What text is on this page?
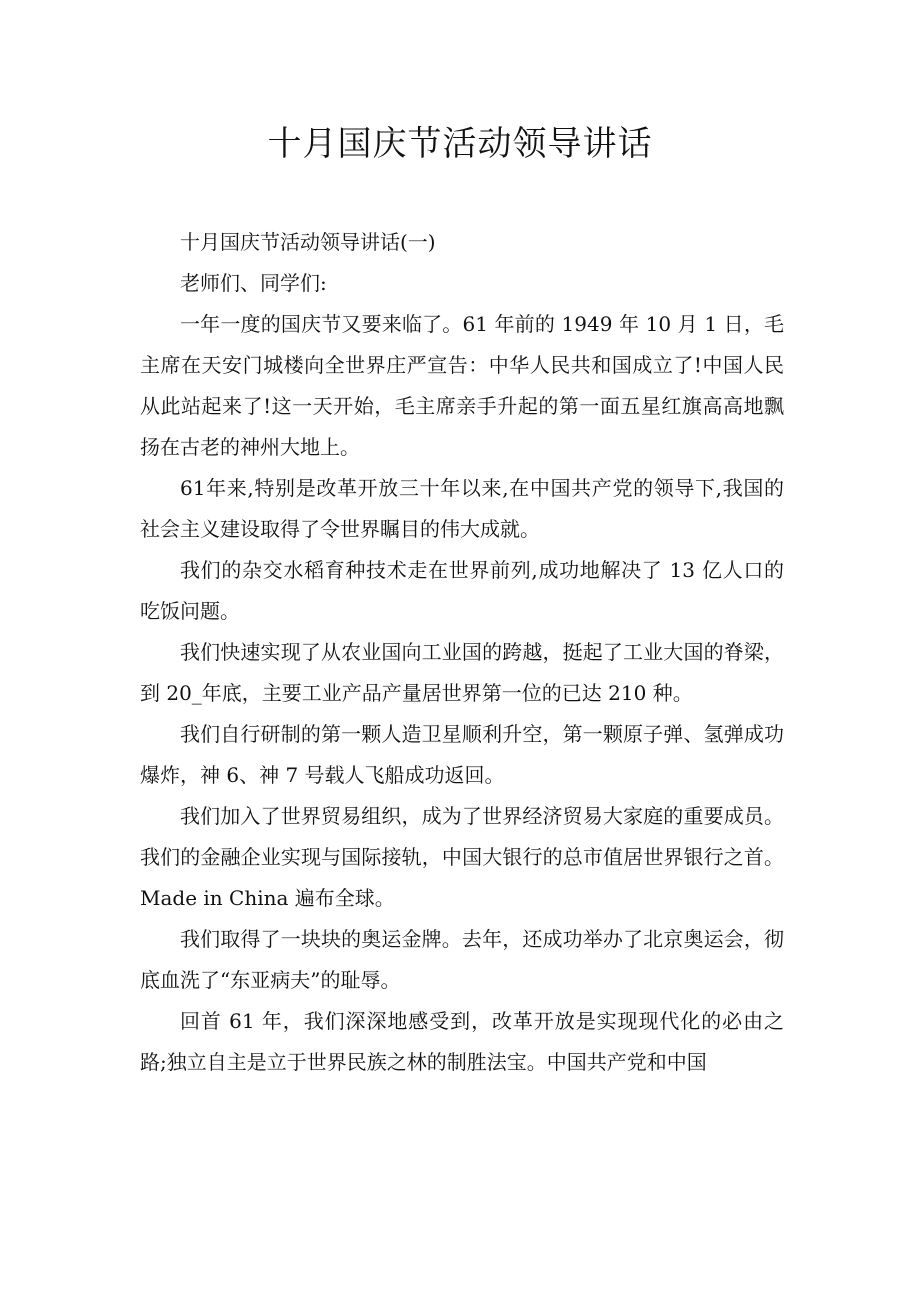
十月国庆节活动领导讲话

十月国庆节活动领导讲话(一)

老师们、同学们:

一年一度的国庆节又要来临了。61 年前的 1949 年 10 月 1 日，毛主席在天安门城楼向全世界庄严宣告：中华人民共和国成立了!中国人民从此站起来了!这一天开始，毛主席亲手升起的第一面五星红旗高高地飘扬在古老的神州大地上。

61年来,特别是改革开放三十年以来,在中国共产党的领导下,我国的社会主义建设取得了令世界瞩目的伟大成就。

我们的杂交水稻育种技术走在世界前列,成功地解决了 13 亿人口的吃饭问题。

我们快速实现了从农业国向工业国的跨越，挺起了工业大国的脊梁，到 20_年底，主要工业产品产量居世界第一位的已达 210 种。

我们自行研制的第一颗人造卫星顺利升空，第一颗原子弹、氢弹成功爆炸，神 6、神 7 号载人飞船成功返回。

我们加入了世界贸易组织，成为了世界经济贸易大家庭的重要成员。我们的金融企业实现与国际接轨，中国大银行的总市值居世界银行之首。Made in China 遍布全球。

我们取得了一块块的奥运金牌。去年，还成功举办了北京奥运会，彻底血洗了“东亚病夫”的耻辱。

回首 61 年，我们深深地感受到，改革开放是实现现代化的必由之路;独立自主是立于世界民族之林的制胜法宝。中国共产党和中国
